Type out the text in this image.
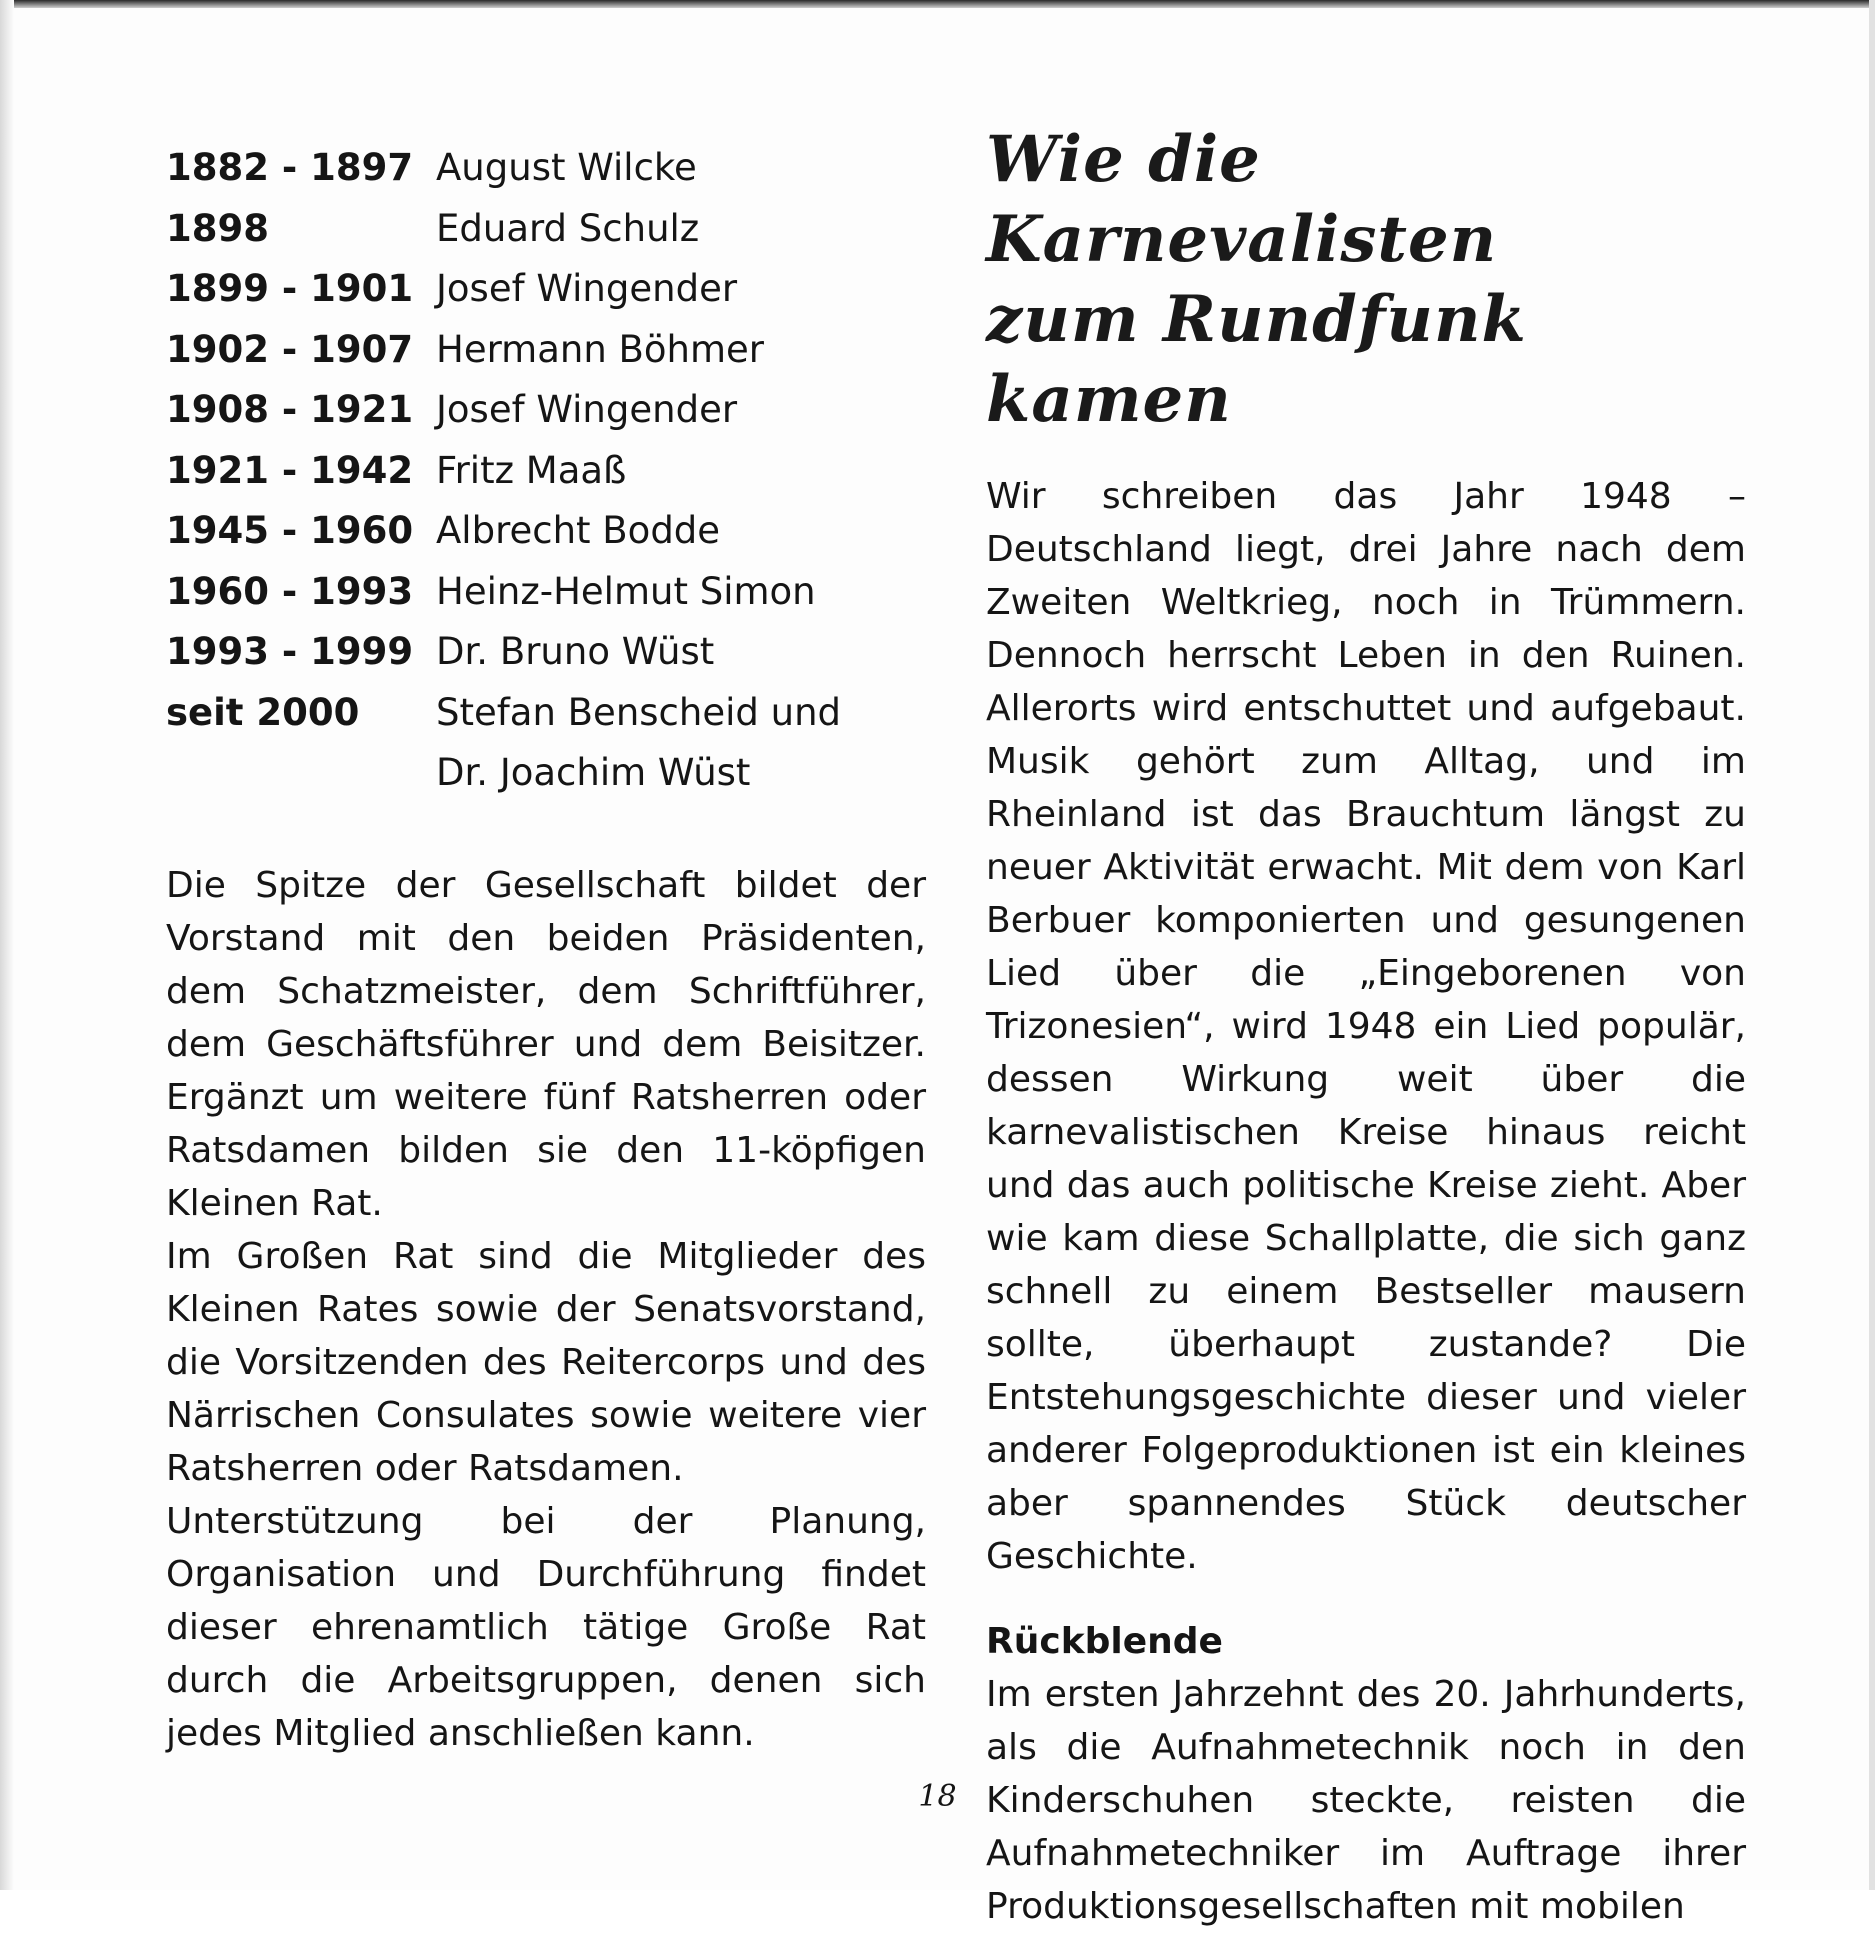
1882 - 1897 August Wilcke
1898	Eduard Schulz
1899 - 1901 Josef Wingender
1902 - 1907 Hermann Böhmer
1908 - 1921 Josef Wingender
1921 - 1942 Fritz Maaß
1945 - 1960 Albrecht Bodde
1960 - 1993 Heinz-Helmut Simon
1993 - 1999 Dr. Bruno Wüst
seit 2000	Stefan Benscheid und
Dr. Joachim Wüst

Die Spitze der Gesellschaft bildet der Vorstand mit den beiden Präsidenten, dem Schatzmeister, dem Schriftführer, dem Geschäftsführer und dem Beisitzer. Ergänzt um weitere fünf Ratsherren oder Ratsdamen bilden sie den 11-köpfigen Kleinen Rat.

Im Großen Rat sind die Mitglieder des Kleinen Rates sowie der Senatsvorstand, die Vorsitzenden des Reitercorps und des Närrischen Consulates sowie weitere vier Ratsherren oder Ratsdamen.

Unterstützung bei der Planung, Organisation und Durchführung findet dieser ehrenamtlich tätige Große Rat durch die Arbeitsgruppen, denen sich jedes Mitglied anschließen kann.

Wie die Karnevalisten
zum Rundfunk kamen

Wir schreiben das Jahr 1948 – Deutschland liegt, drei Jahre nach dem Zweiten Weltkrieg, noch in Trümmern. Dennoch herrscht Leben in den Ruinen. Allerorts wird entschuttet und aufgebaut. Musik gehört zum Alltag, und im Rheinland ist das Brauchtum längst zu neuer Aktivität erwacht. Mit dem von Karl Berbuer komponierten und gesungenen Lied über die „Eingeborenen von Trizonesien“, wird 1948 ein Lied populär, dessen Wirkung weit über die karnevalistischen Kreise hinaus reicht und das auch politische Kreise zieht. Aber wie kam diese Schallplatte, die sich ganz schnell zu einem Bestseller mausern sollte, überhaupt zustande? Die Entstehungsgeschichte dieser und vieler anderer Folgeproduktionen ist ein kleines aber spannendes Stück deutscher Geschichte.

Rückblende

Im ersten Jahrzehnt des 20. Jahrhunderts, als die Aufnahmetechnik noch in den Kinderschuhen steckte, reisten die Aufnahmetechniker im Auftrage ihrer Produktionsgesellschaften mit mobilen

18
